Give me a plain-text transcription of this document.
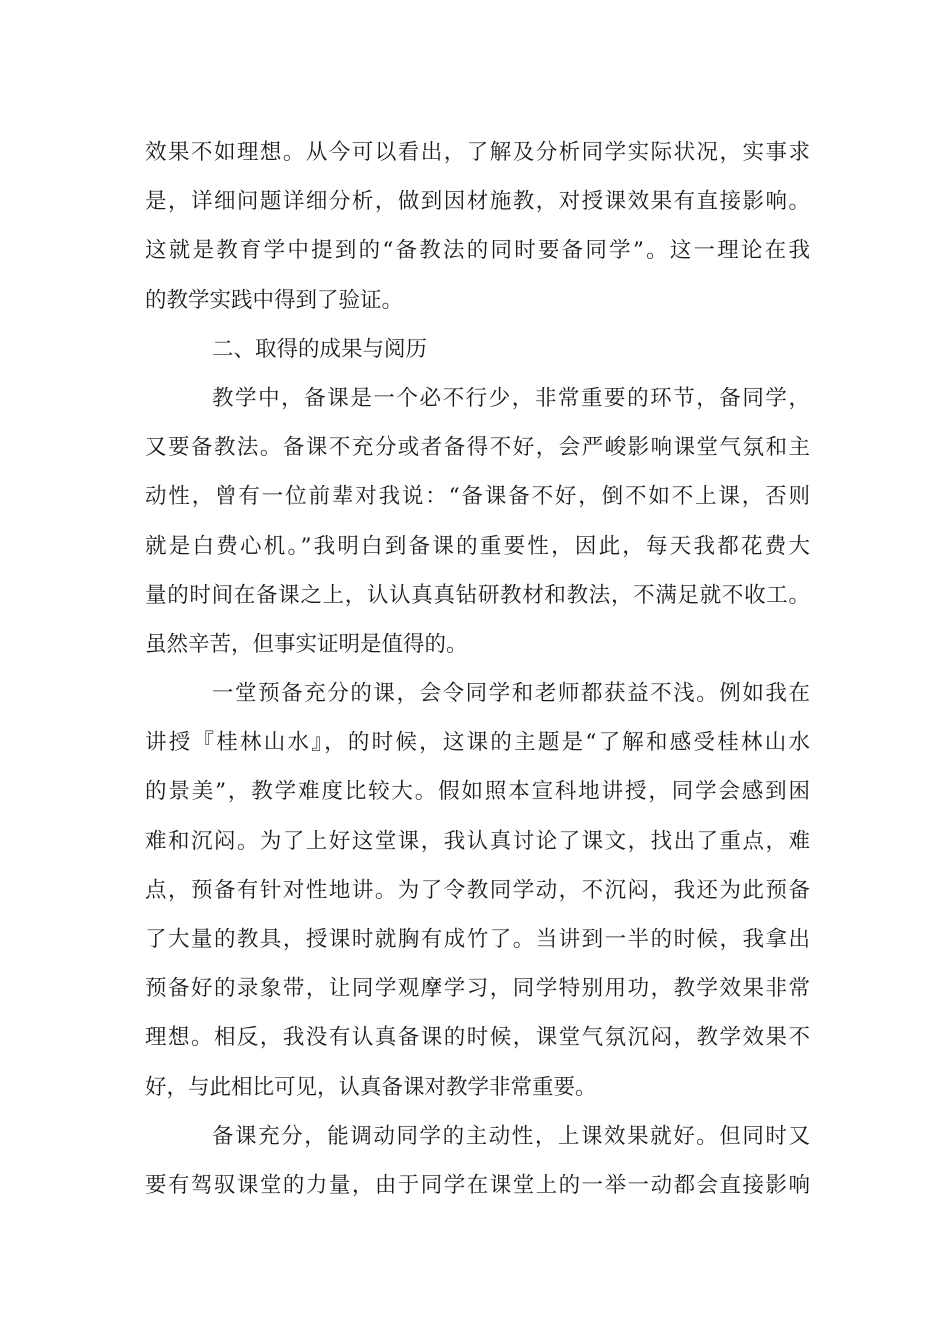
效果不如理想。从今可以看出，了解及分析同学实际状况，实事求
是，详细问题详细分析，做到因材施教，对授课效果有直接影响。
这就是教育学中提到的“备教法的同时要备同学”。这一理论在我
的教学实践中得到了验证。
二、取得的成果与阅历
教学中，备课是一个必不行少，非常重要的环节，备同学，
又要备教法。备课不充分或者备得不好，会严峻影响课堂气氛和主
动性，曾有一位前辈对我说：“备课备不好，倒不如不上课，否则
就是白费心机。”我明白到备课的重要性，因此，每天我都花费大
量的时间在备课之上，认认真真钻研教材和教法，不满足就不收工。
虽然辛苦，但事实证明是值得的。
一堂预备充分的课，会令同学和老师都获益不浅。例如我在
讲授『桂林山水』，的时候，这课的主题是“了解和感受桂林山水
的景美”，教学难度比较大。假如照本宣科地讲授，同学会感到困
难和沉闷。为了上好这堂课，我认真讨论了课文，找出了重点，难
点，预备有针对性地讲。为了令教同学动，不沉闷，我还为此预备
了大量的教具，授课时就胸有成竹了。当讲到一半的时候，我拿出
预备好的录象带，让同学观摩学习，同学特别用功，教学效果非常
理想。相反，我没有认真备课的时候，课堂气氛沉闷，教学效果不
好，与此相比可见，认真备课对教学非常重要。
备课充分，能调动同学的主动性，上课效果就好。但同时又
要有驾驭课堂的力量，由于同学在课堂上的一举一动都会直接影响
